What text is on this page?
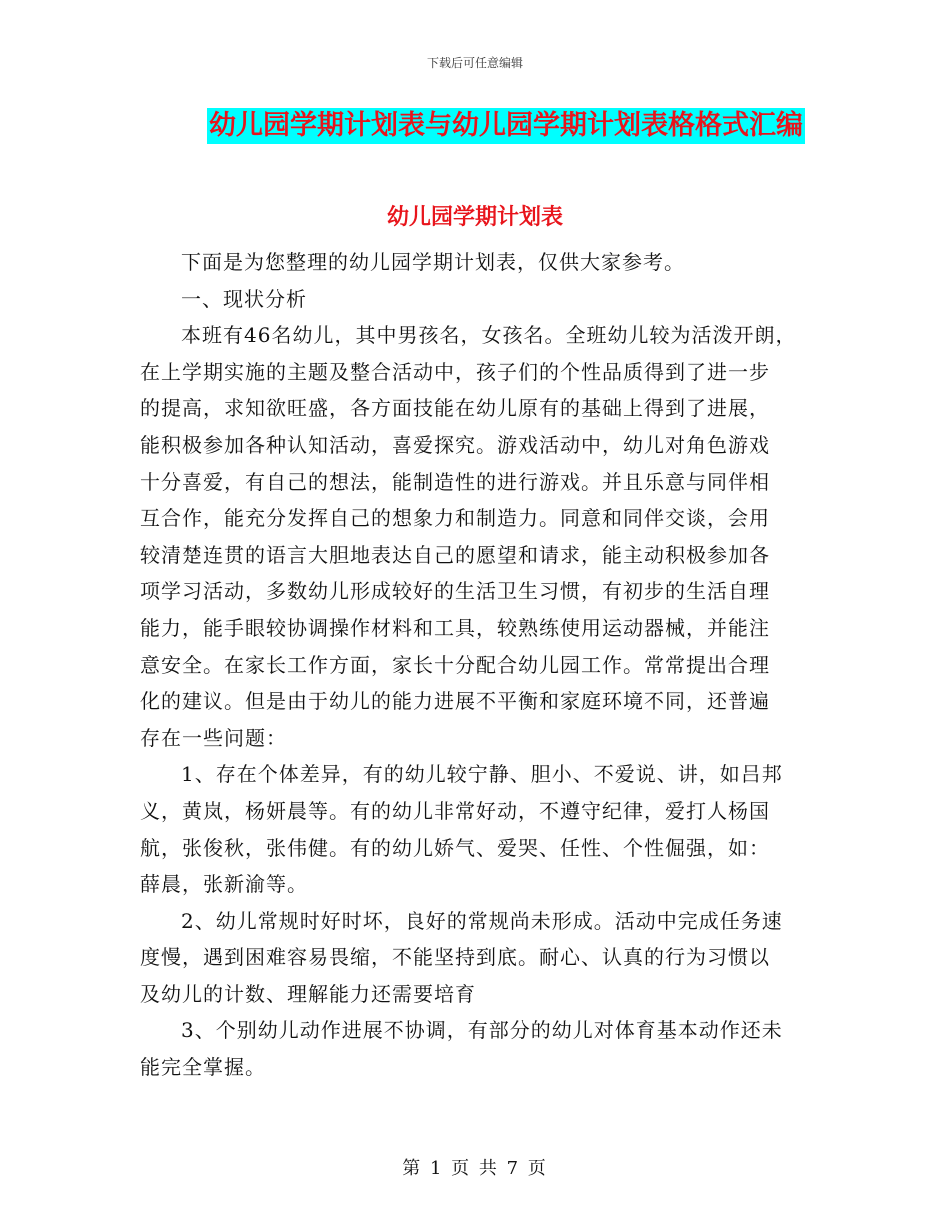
下载后可任意编辑
幼儿园学期计划表与幼儿园学期计划表格格式汇编
幼儿园学期计划表

下面是为您整理的幼儿园学期计划表，仅供大家参考。

一、现状分析

本班有46名幼儿，其中男孩名，女孩名。全班幼儿较为活泼开朗，
在上学期实施的主题及整合活动中，孩子们的个性品质得到了进一步
的提高，求知欲旺盛，各方面技能在幼儿原有的基础上得到了进展，
能积极参加各种认知活动，喜爱探究。游戏活动中，幼儿对角色游戏
十分喜爱，有自己的想法，能制造性的进行游戏。并且乐意与同伴相
互合作，能充分发挥自己的想象力和制造力。同意和同伴交谈，会用
较清楚连贯的语言大胆地表达自己的愿望和请求，能主动积极参加各
项学习活动，多数幼儿形成较好的生活卫生习惯，有初步的生活自理
能力，能手眼较协调操作材料和工具，较熟练使用运动器械，并能注
意安全。在家长工作方面，家长十分配合幼儿园工作。常常提出合理
化的建议。但是由于幼儿的能力进展不平衡和家庭环境不同，还普遍
存在一些问题：

1、存在个体差异，有的幼儿较宁静、胆小、不爱说、讲，如吕邦
义，黄岚，杨妍晨等。有的幼儿非常好动，不遵守纪律，爱打人杨国
航，张俊秋，张伟健。有的幼儿娇气、爱哭、任性、个性倔强，如：
薛晨，张新渝等。

2、幼儿常规时好时坏，良好的常规尚未形成。活动中完成任务速
度慢，遇到困难容易畏缩，不能坚持到底。耐心、认真的行为习惯以
及幼儿的计数、理解能力还需要培育

3、个别幼儿动作进展不协调，有部分的幼儿对体育基本动作还未
能完全掌握。

第 1 页 共 7 页
